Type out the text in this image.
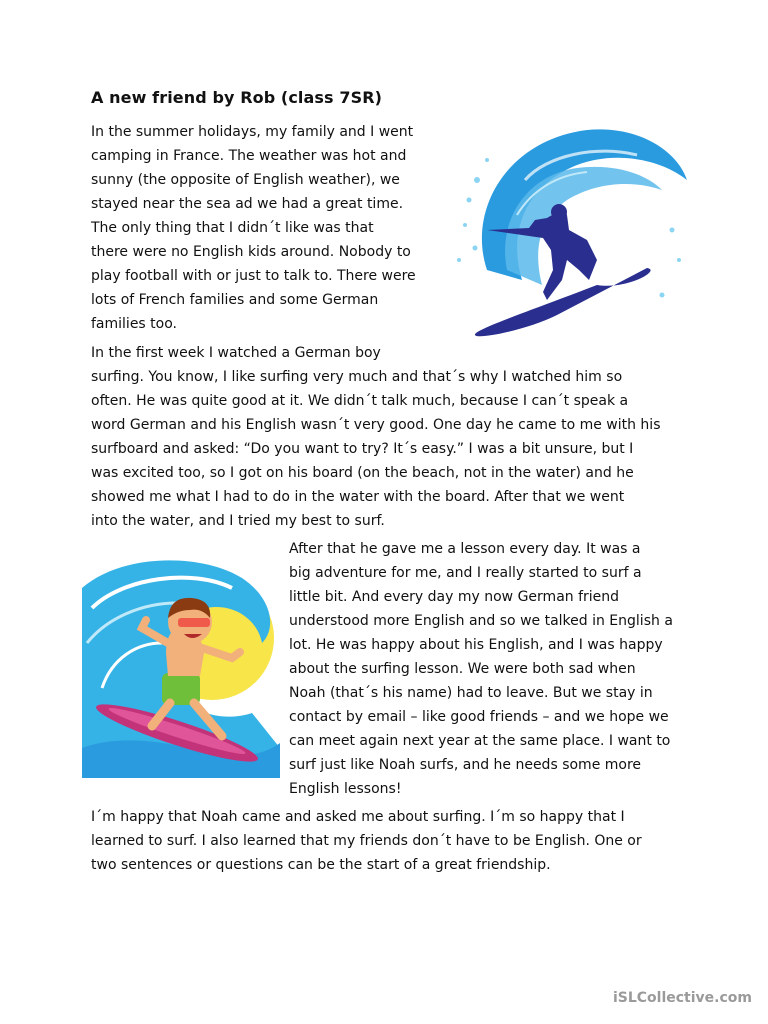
A new friend by Rob (class 7SR)
In the summer holidays, my family and I went
camping in France. The weather was hot and
sunny (the opposite of English weather), we
stayed near the sea ad we had a great time.
The only thing that I didn´t like was that
there were no English kids around. Nobody to
play football with or just to talk to. There were
lots of French families and some German
families too.
In the first week I watched a German boy
surfing. You know, I like surfing very much and that´s why I watched him so
often. He was quite good at it. We didn´t talk much, because I can´t speak a
word German and his English wasn´t very good. One day he came to me with his
surfboard and asked: “Do you want to try? It´s easy.” I was a bit unsure, but I
was excited too, so I got on his board (on the beach, not in the water) and he
showed me what I had to do in the water with the board. After that we went
into the water, and I tried my best to surf.
After that he gave me a lesson every day. It was a
big adventure for me, and I really started to surf a
little bit. And every day my now German friend
understood more English and so we talked in English a
lot. He was happy about his English, and I was happy
about the surfing lesson. We were both sad when
Noah (that´s his name) had to leave. But we stay in
contact by email – like good friends – and we hope we
can meet again next year at the same place. I want to
surf just like Noah surfs, and he needs some more
English lessons!
I´m happy that Noah came and asked me about surfing. I´m so happy that I
learned to surf. I also learned that my friends don´t have to be English. One or
two sentences or questions can be the start of a great friendship.
iSLCollective.com
